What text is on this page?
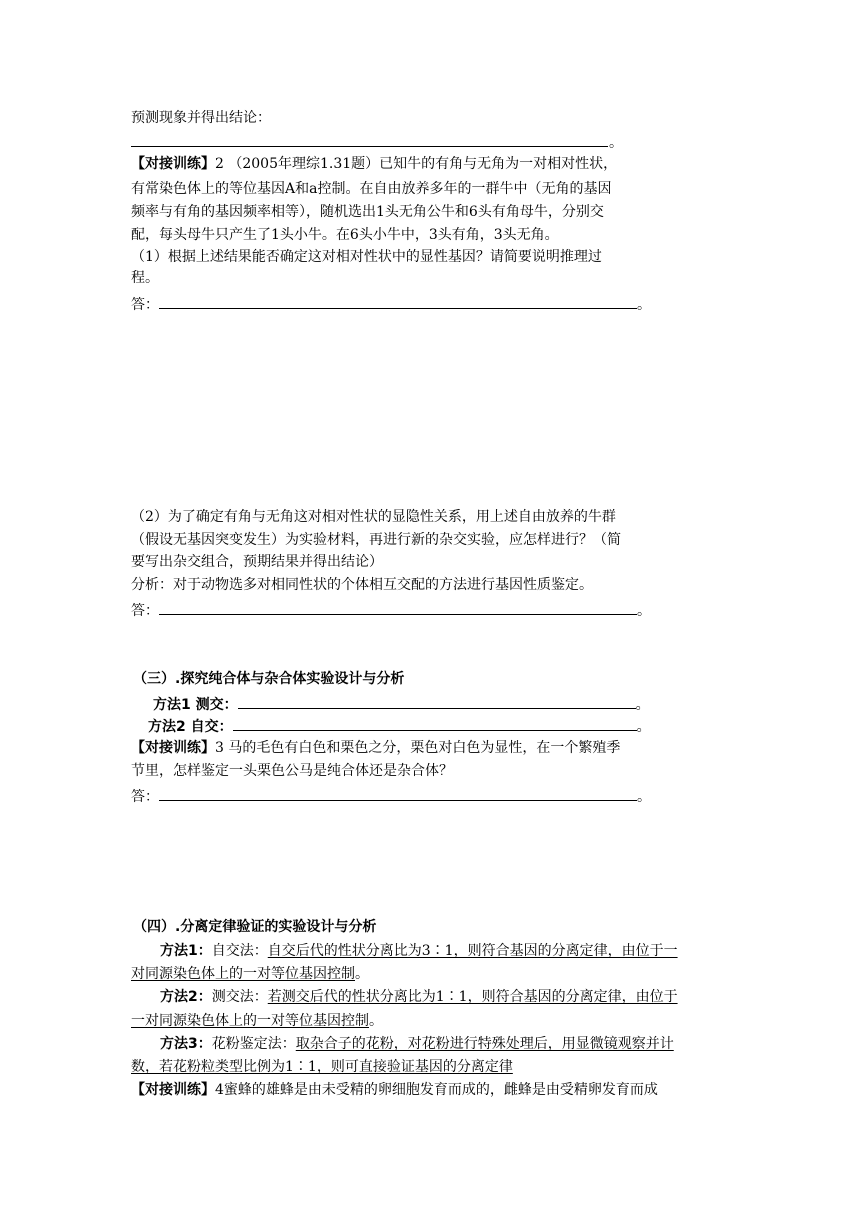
预测现象并得出结论：
。
【对接训练】2 （2005年理综1.31题）已知牛的有角与无角为一对相对性状，
有常染色体上的等位基因A和a控制。在自由放养多年的一群牛中（无角的基因
频率与有角的基因频率相等），随机选出1头无角公牛和6头有角母牛，分别交
配，每头母牛只产生了1头小牛。在6头小牛中，3头有角，3头无角。
（1）根据上述结果能否确定这对相对性状中的显性基因？请简要说明推理过
程。
答：	。
（2）为了确定有角与无角这对相对性状的显隐性关系，用上述自由放养的牛群
（假设无基因突变发生）为实验材料，再进行新的杂交实验，应怎样进行？（简
要写出杂交组合，预期结果并得出结论）
分析：对于动物选多对相同性状的个体相互交配的方法进行基因性质鉴定。
答：	。
（三）.探究纯合体与杂合体实验设计与分析
方法1 测交：	。
方法2 自交：	。
【对接训练】3 马的毛色有白色和栗色之分，栗色对白色为显性，在一个繁殖季
节里，怎样鉴定一头栗色公马是纯合体还是杂合体？
答：	。
（四）.分离定律验证的实验设计与分析
方法1：自交法：自交后代的性状分离比为3∶1，则符合基因的分离定律，由位于一
对同源染色体上的一对等位基因控制。
方法2：测交法：若测交后代的性状分离比为1∶1，则符合基因的分离定律，由位于
一对同源染色体上的一对等位基因控制。
方法3：花粉鉴定法：取杂合子的花粉，对花粉进行特殊处理后，用显微镜观察并计
数，若花粉粒类型比例为1∶1，则可直接验证基因的分离定律
【对接训练】4蜜蜂的雄蜂是由未受精的卵细胞发育而成的，雌蜂是由受精卵发育而成
